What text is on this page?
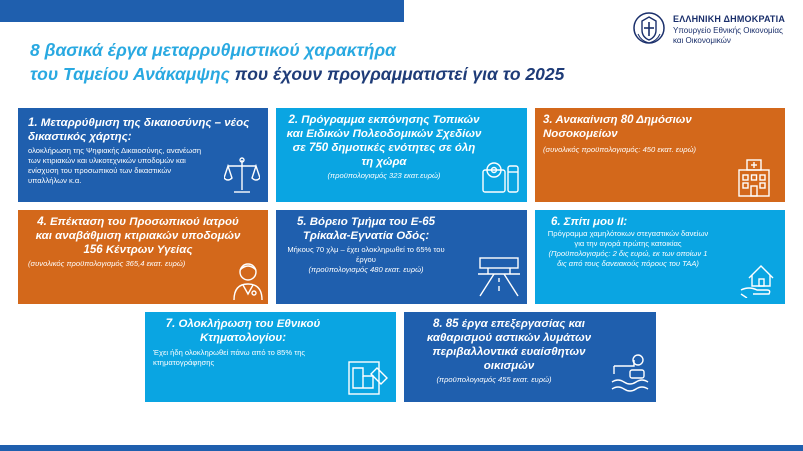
ΕΛΛΗΝΙΚΗ ΔΗΜΟΚΡΑΤΙΑ
Υπουργείο Εθνικής Οικονομίας
και Οικονομικών
8 βασικά έργα μεταρρυθμιστικού χαρακτήρα
του Ταμείου Ανάκαμψης που έχουν προγραμματιστεί για το 2025
1. Μεταρρύθμιση της δικαιοσύνης – νέος δικαστικός χάρτης:
ολοκλήρωση της Ψηφιακής Δικαιοσύνης, ανανέωση των κτιριακών και υλικοτεχνικών υποδομών και ενίσχυση του προσωπικού των δικαστικών υπαλλήλων κ.α.
2. Πρόγραμμα εκπόνησης Τοπικών και Ειδικών Πολεοδομικών Σχεδίων σε 750 δημοτικές ενότητες σε όλη τη χώρα
(προϋπολογισμός 323 εκατ.ευρώ)
3. Ανακαίνιση 80 Δημόσιων Νοσοκομείων
(συνολικός προϋπολογισμός: 450 εκατ. ευρώ)
4. Επέκταση του Προσωπικού Ιατρού και αναβάθμιση κτιριακών υποδομών 156 Κέντρων Υγείας
(συνολικός προϋπολογισμός 365,4 εκατ. ευρώ)
5. Βόρειο Τμήμα του Ε-65 Τρίκαλα-Εγνατία Οδός:
Μήκους 70 χλμ – έχει ολοκληρωθεί το 65% του έργου
(προϋπολογισμός 480 εκατ. ευρώ)
6. Σπίτι μου ΙΙ:
Πρόγραμμα χαμηλότοκων στεγαστικών δανείων για την αγορά πρώτης κατοικίας
(Προϋπολογισμός: 2 δις ευρώ, εκ των οποίων 1 δις από τους δανειακούς πόρους του ΤΑΑ)
7. Ολοκλήρωση του Εθνικού Κτηματολογίου:
Έχει ήδη ολοκληρωθεί πάνω από το 85% της κτηματογράφησης
8. 85 έργα επεξεργασίας και καθαρισμού αστικών λυμάτων περιβαλλοντικά ευαίσθητων οικισμών
(προϋπολογισμός 455 εκατ. ευρώ)
